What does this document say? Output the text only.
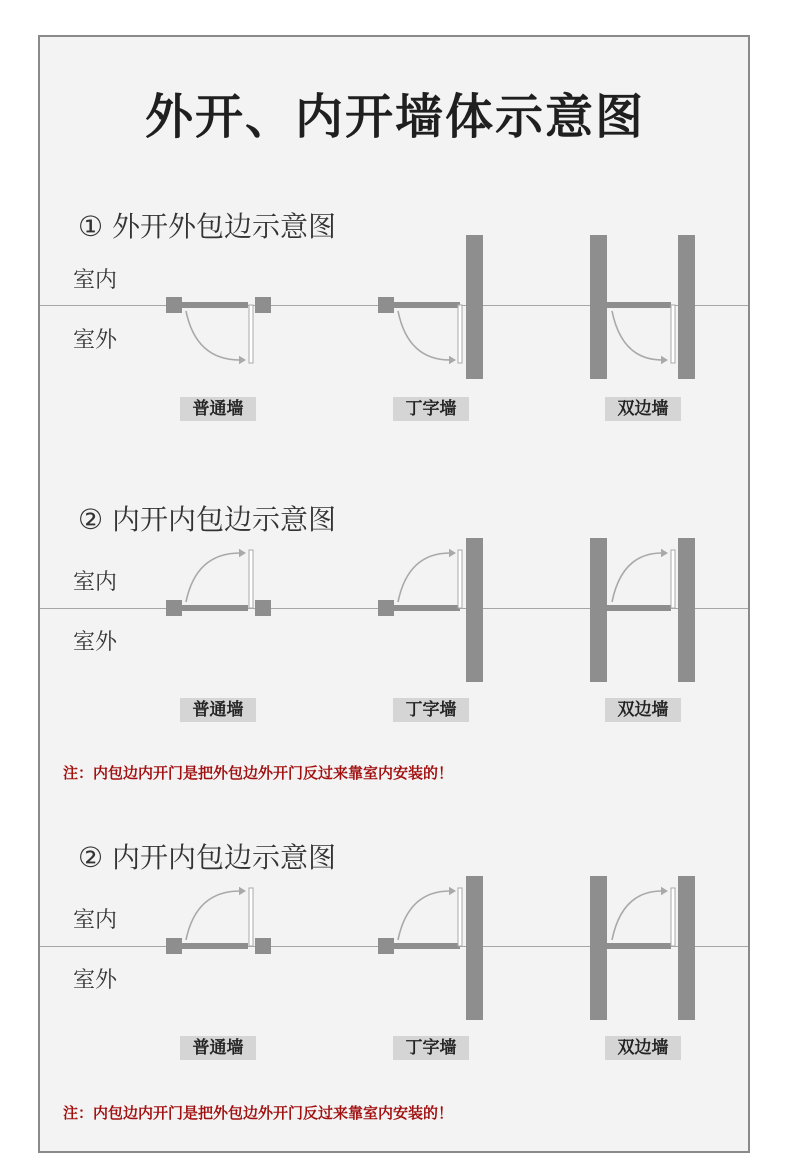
外开、内开墙体示意图
① 外开外包边示意图
室内
室外
普通墙	丁字墙	双边墙
② 内开内包边示意图
室内
室外
普通墙	丁字墙	双边墙
注：内包边内开门是把外包边外开门反过来靠室内安装的！
② 内开内包边示意图
室内
室外
普通墙	丁字墙	双边墙
注：内包边内开门是把外包边外开门反过来靠室内安装的！
